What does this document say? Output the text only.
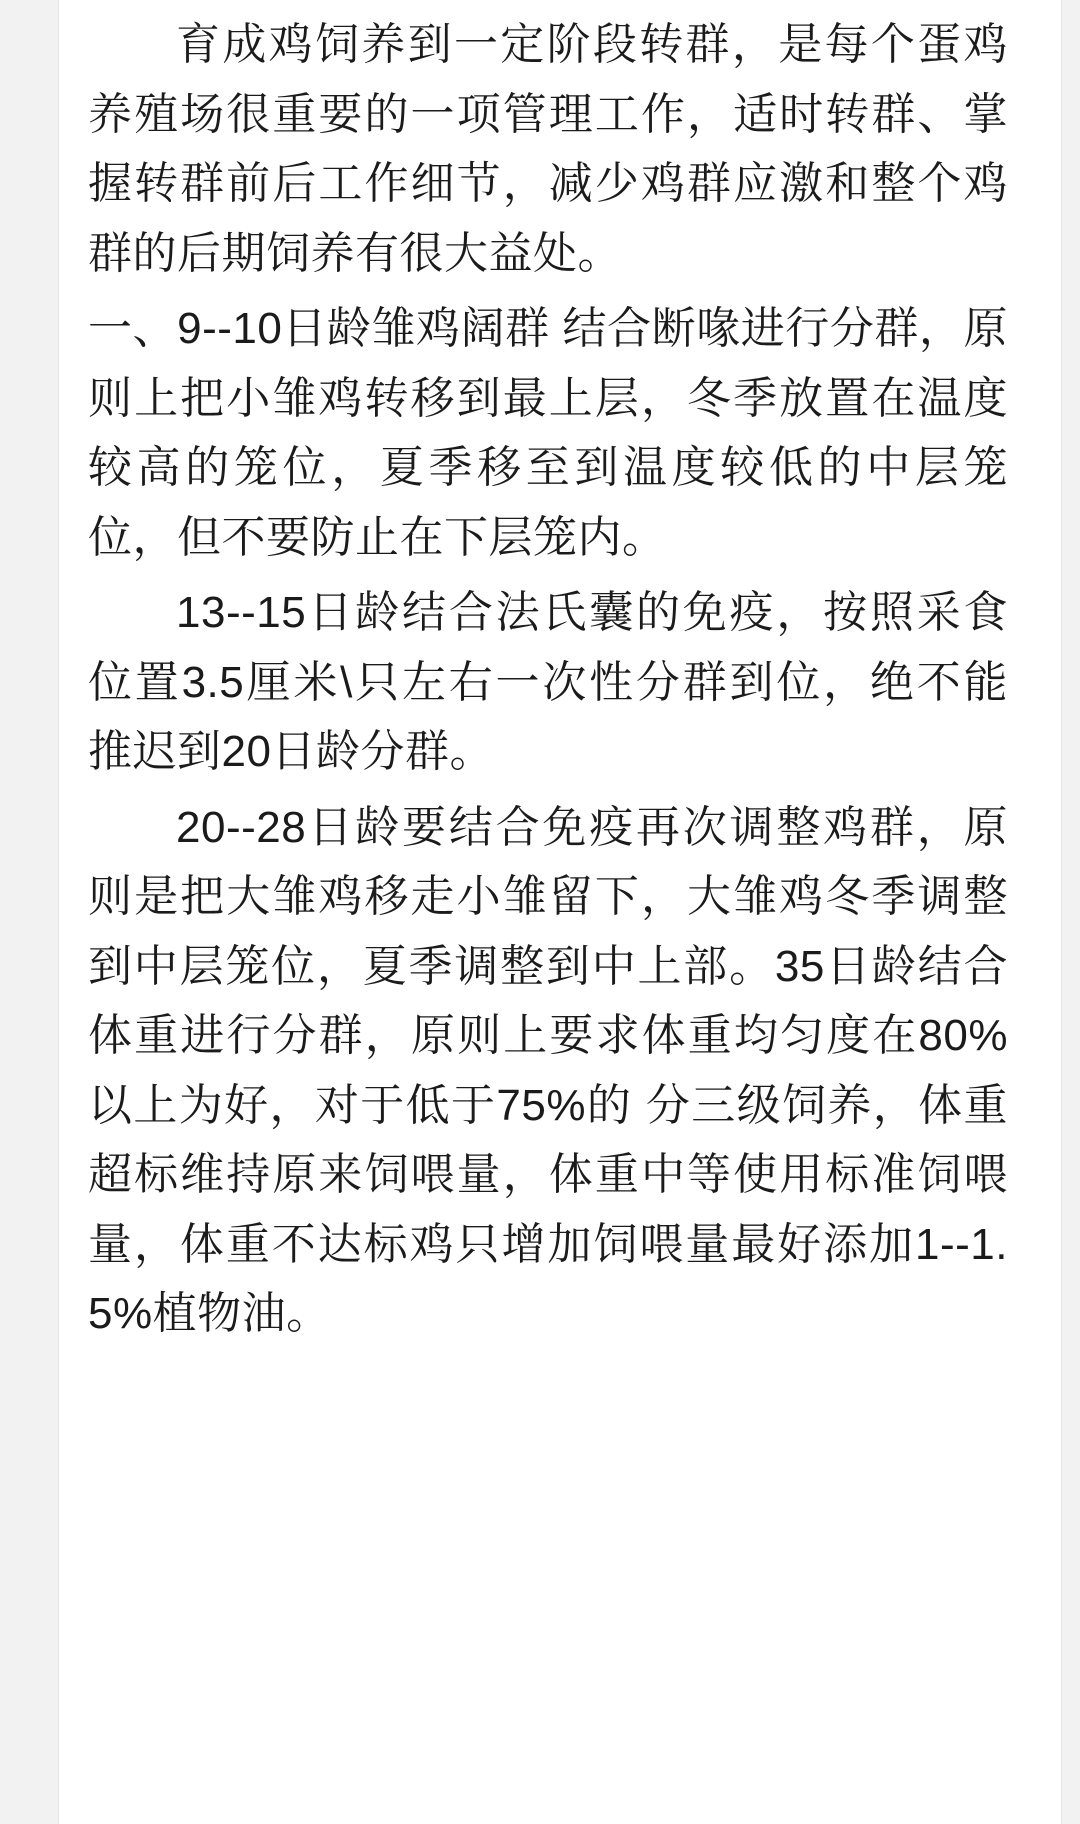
育成鸡饲养到一定阶段转群，是每个蛋鸡养殖场很重要的一项管理工作，适时转群、掌握转群前后工作细节，减少鸡群应激和整个鸡群的后期饲养有很大益处。

一、9--10日龄雏鸡阔群 结合断喙进行分群，原则上把小雏鸡转移到最上层，冬季放置在温度较高的笼位，夏季移至到温度较低的中层笼位，但不要防止在下层笼内。

13--15日龄结合法氏囊的免疫，按照采食位置3.5厘米\只左右一次性分群到位，绝不能推迟到20日龄分群。

20--28日龄要结合免疫再次调整鸡群，原则是把大雏鸡移走小雏留下，大雏鸡冬季调整到中层笼位，夏季调整到中上部。35日龄结合体重进行分群，原则上要求体重均匀度在80%以上为好，对于低于75%的 分三级饲养，体重超标维持原来饲喂量，体重中等使用标准饲喂量，体重不达标鸡只增加饲喂量最好添加1--1.5%植物油。
